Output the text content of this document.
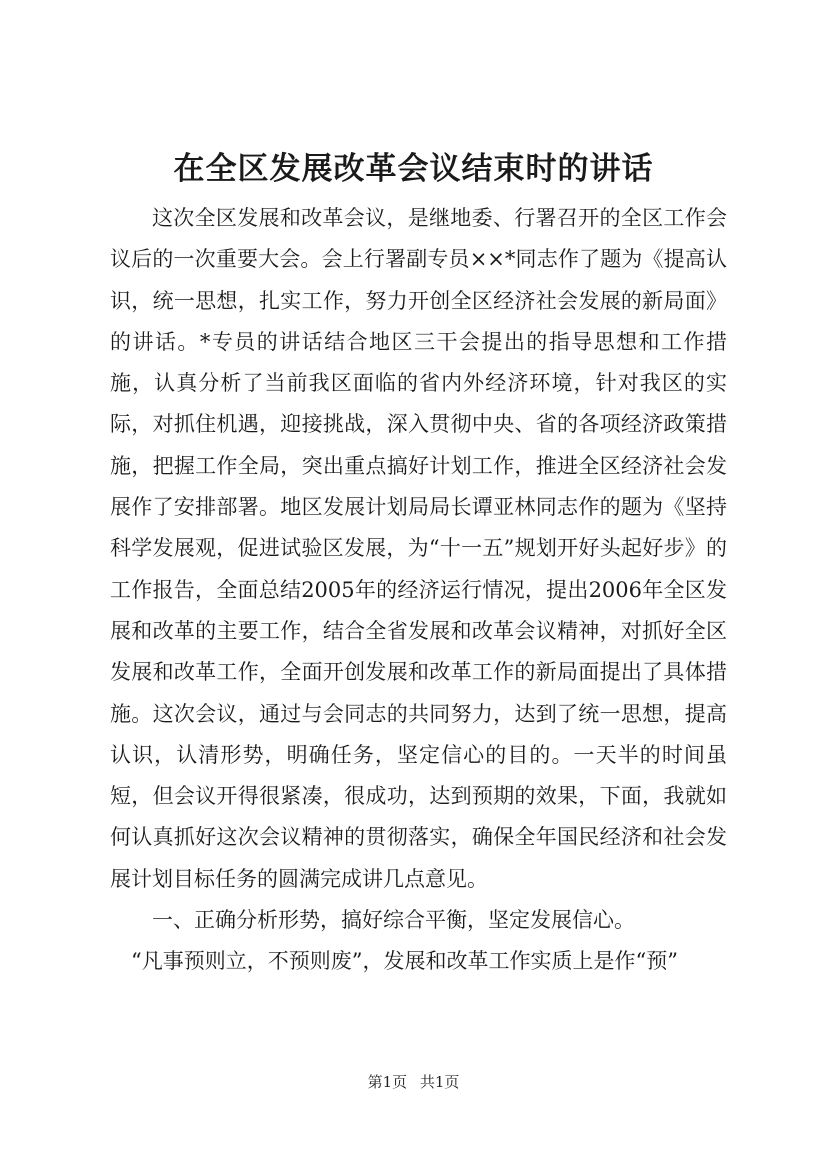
在全区发展改革会议结束时的讲话

这次全区发展和改革会议，是继地委、行署召开的全区工作会议后的一次重要大会。会上行署副专员××*同志作了题为《提高认识，统一思想，扎实工作，努力开创全区经济社会发展的新局面》的讲话。*专员的讲话结合地区三干会提出的指导思想和工作措施，认真分析了当前我区面临的省内外经济环境，针对我区的实际，对抓住机遇，迎接挑战，深入贯彻中央、省的各项经济政策措施，把握工作全局，突出重点搞好计划工作，推进全区经济社会发展作了安排部署。地区发展计划局局长谭亚林同志作的题为《坚持科学发展观，促进试验区发展，为“十一五”规划开好头起好步》的工作报告，全面总结2005年的经济运行情况，提出2006年全区发展和改革的主要工作，结合全省发展和改革会议精神，对抓好全区发展和改革工作，全面开创发展和改革工作的新局面提出了具体措施。这次会议，通过与会同志的共同努力，达到了统一思想，提高认识，认清形势，明确任务，坚定信心的目的。一天半的时间虽短，但会议开得很紧凑，很成功，达到预期的效果，下面，我就如何认真抓好这次会议精神的贯彻落实，确保全年国民经济和社会发展计划目标任务的圆满完成讲几点意见。

一、正确分析形势，搞好综合平衡，坚定发展信心。

“凡事预则立，不预则废”，发展和改革工作实质上是作“预”

第1页 共1页
